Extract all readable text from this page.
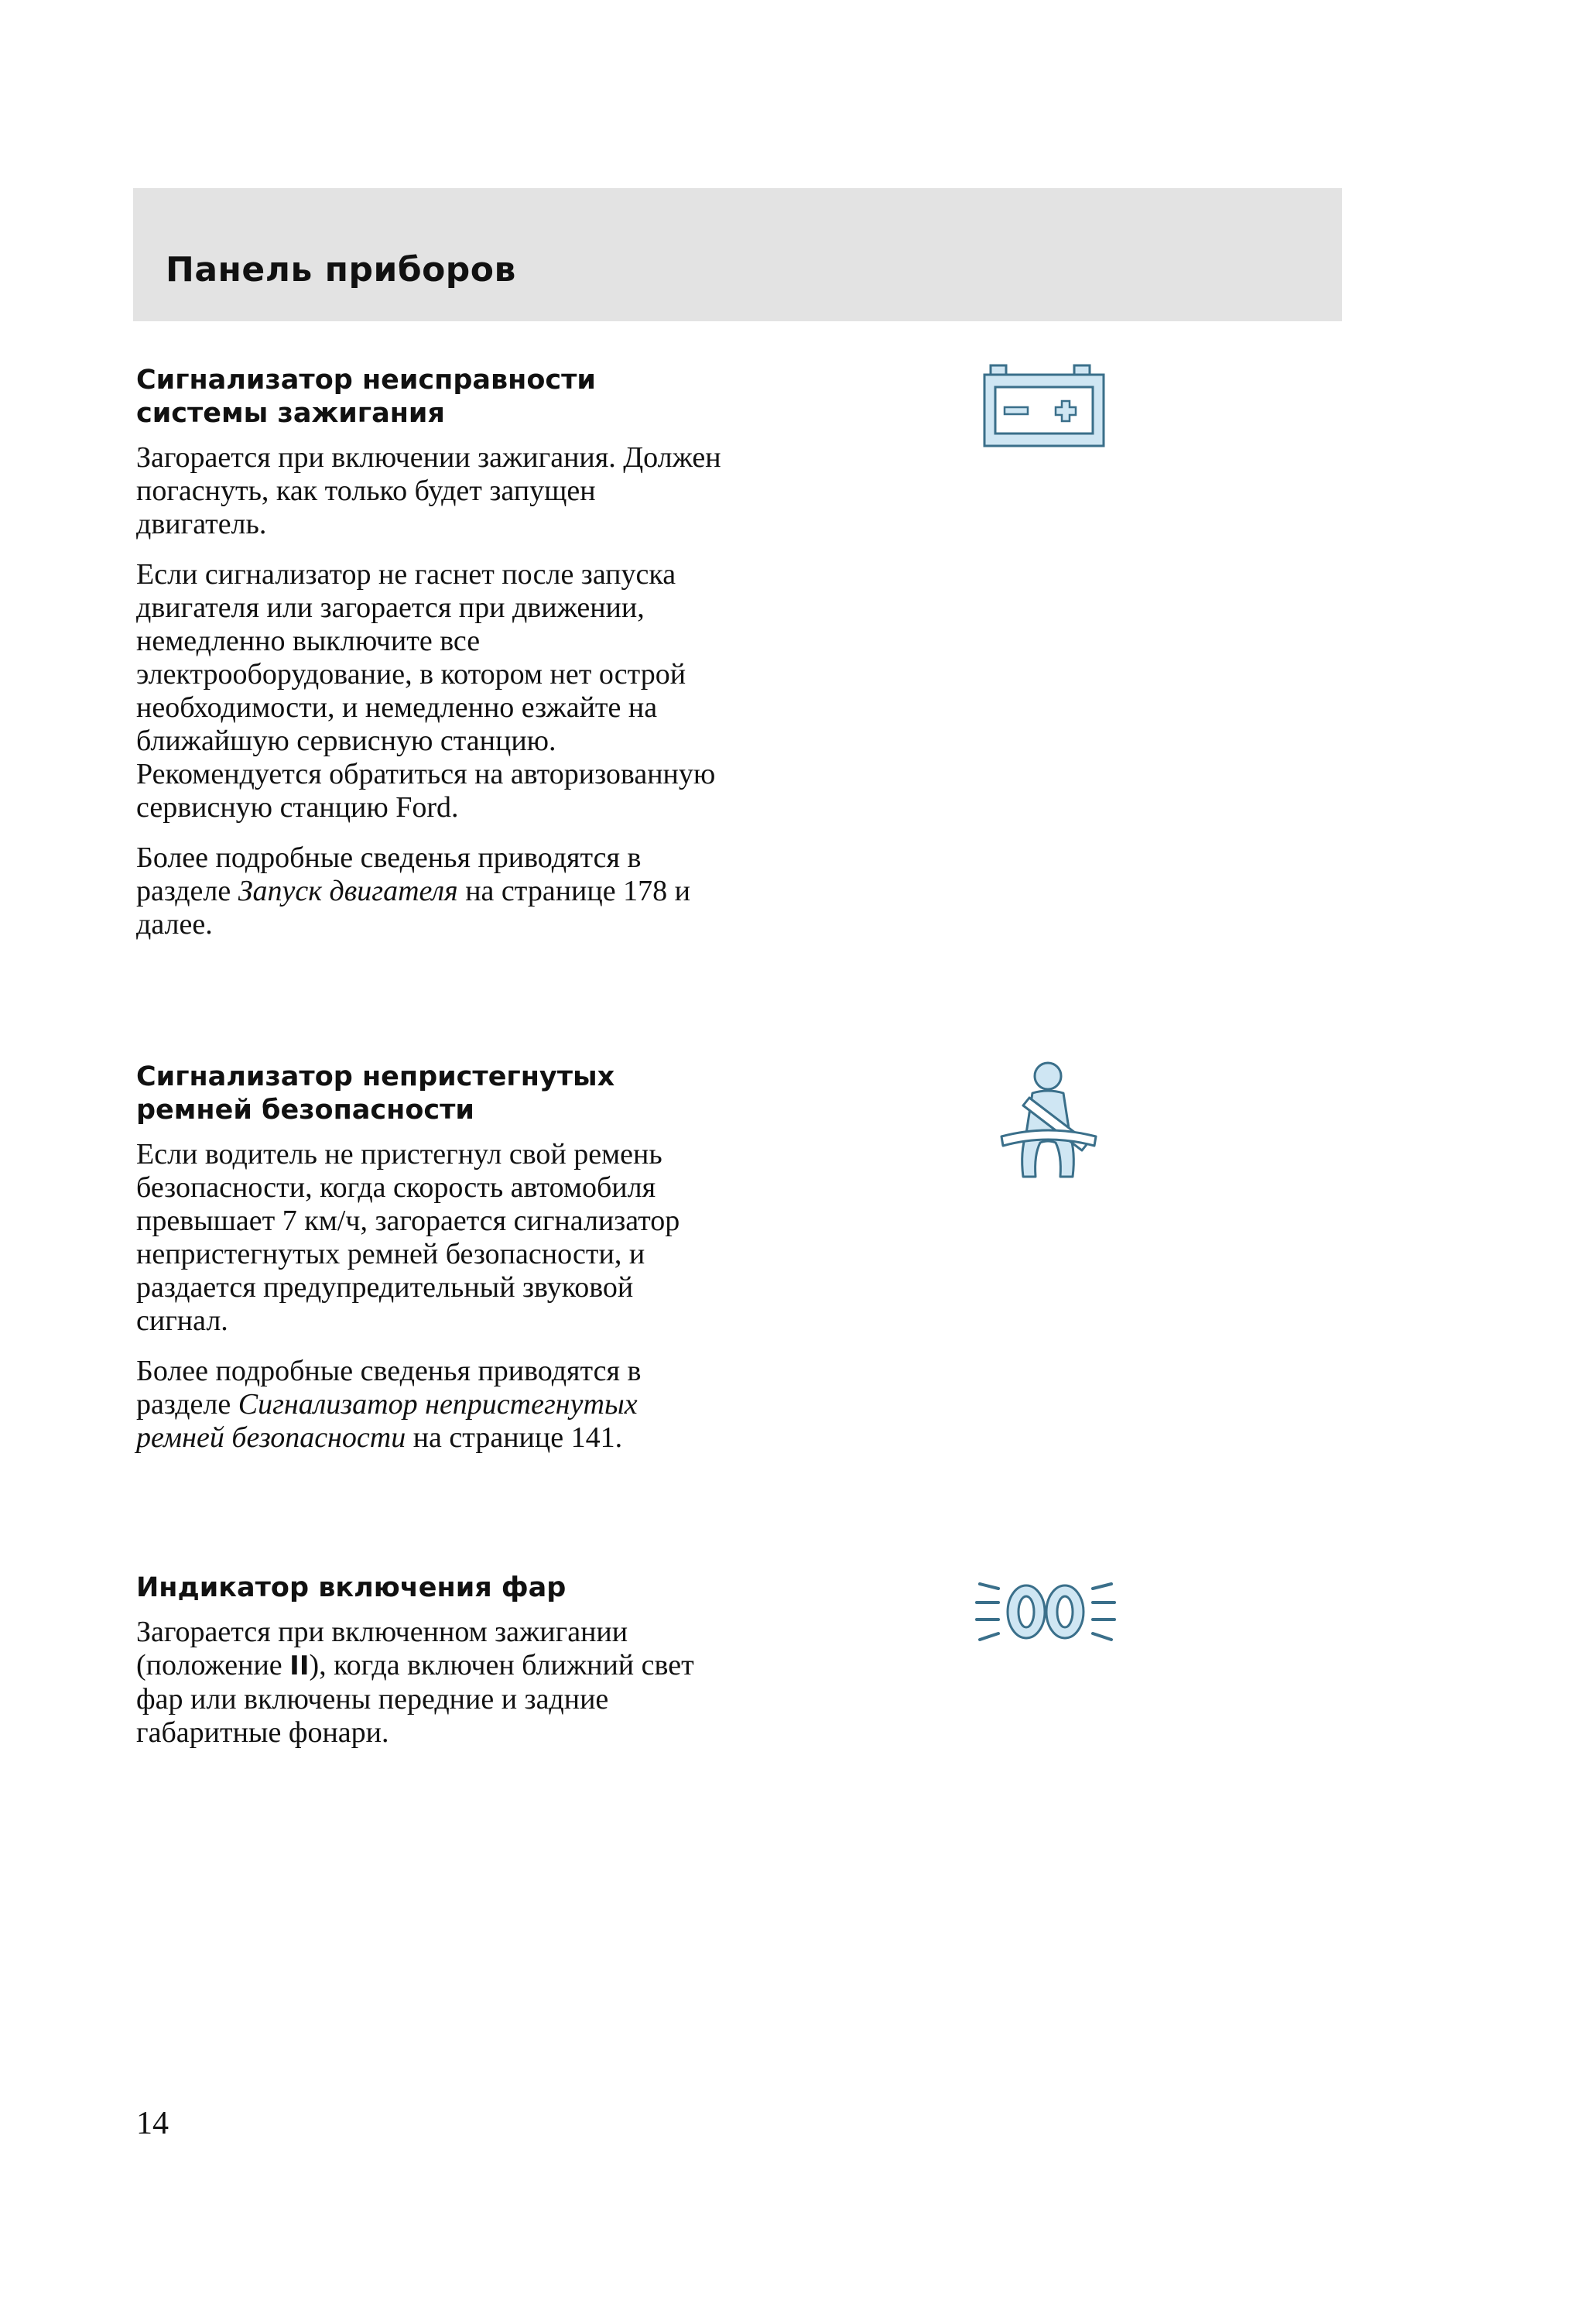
Панель приборов
Сигнализатор неисправности
системы зажигания

Загорается при включении зажигания. Должен погаснуть, как только будет запущен двигатель.

Если сигнализатор не гаснет после запуска двигателя или загорается при движении, немедленно выключите все электрооборудование, в котором нет острой необходимости, и немедленно езжайте на ближайшую сервисную станцию. Рекомендуется обратиться на авторизованную сервисную станцию Ford.

Более подробные сведенья приводятся в разделе Запуск двигателя на странице 178 и далее.

Сигнализатор непристегнутых
ремней безопасности

Если водитель не пристегнул свой ремень безопасности, когда скорость автомобиля превышает 7 км/ч, загорается сигнализатор непристегнутых ремней безопасности, и раздается предупредительный звуковой сигнал.

Более подробные сведенья приводятся в разделе Сигнализатор непристегнутых ремней безопасности на странице 141.

Индикатор включения фар

Загорается при включенном зажигании (положение II), когда включен ближний свет фар или включены передние и задние габаритные фонари.

14
